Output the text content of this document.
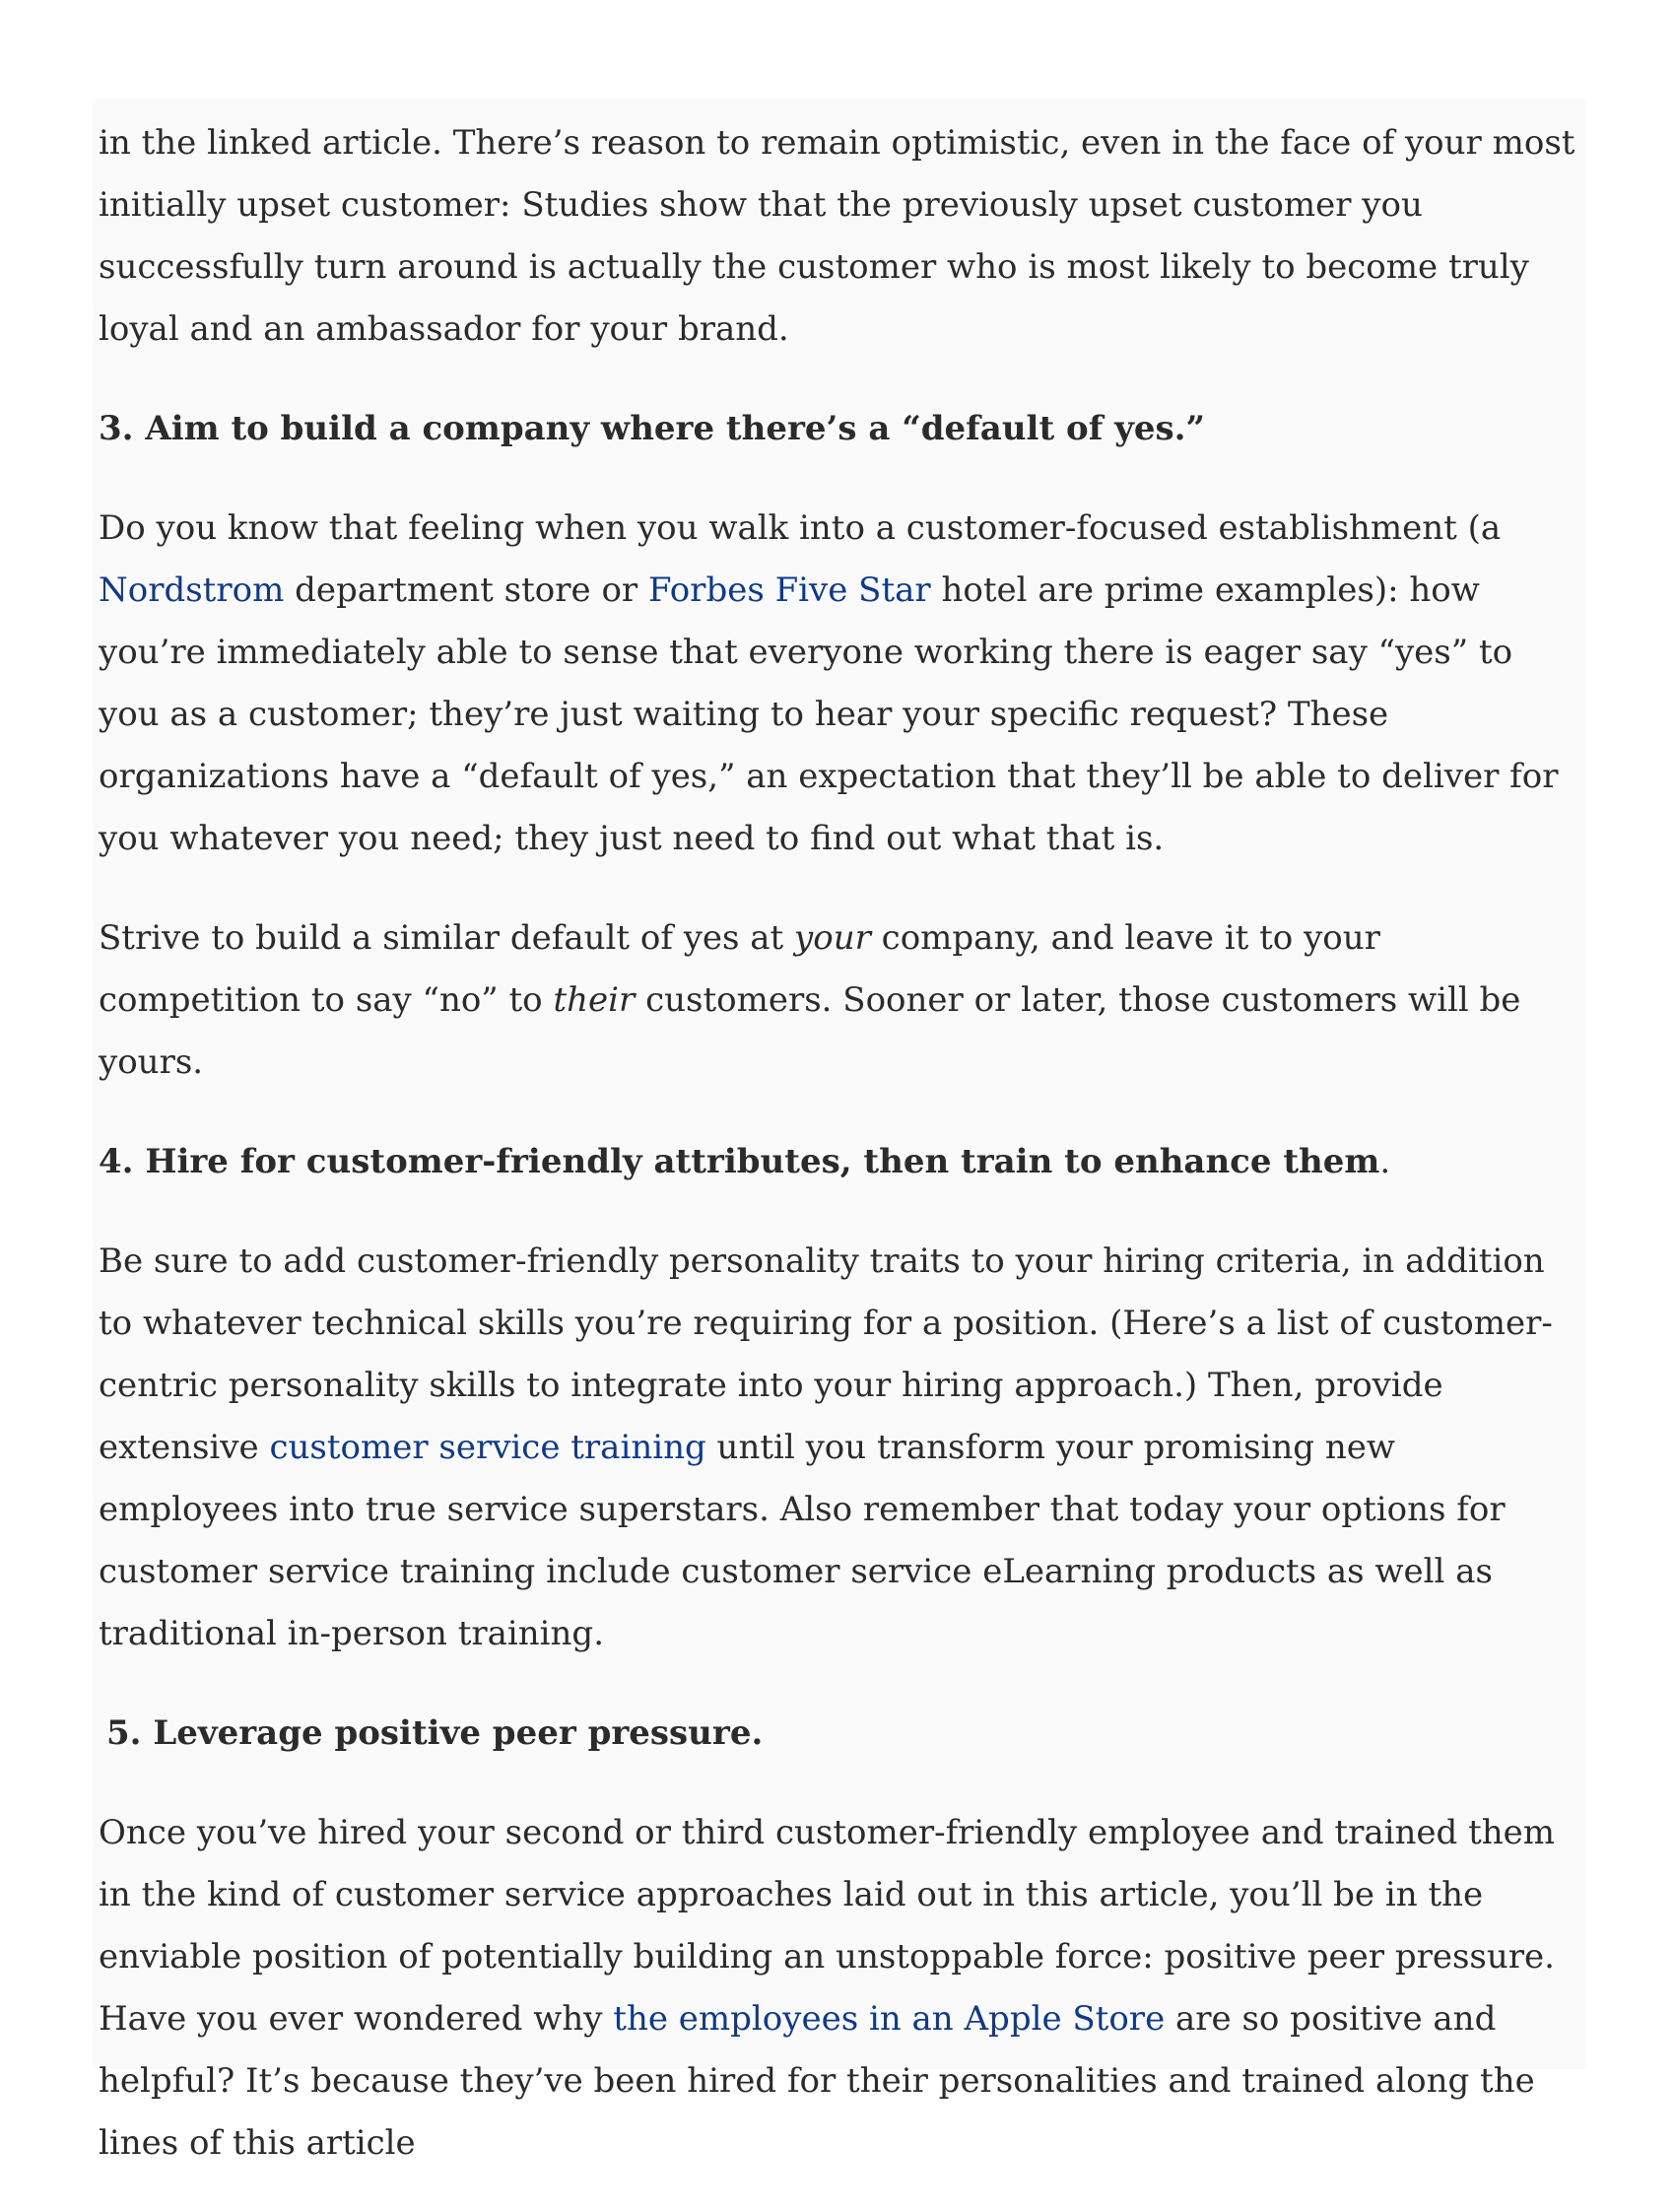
in the linked article. There’s reason to remain optimistic, even in the face of your most initially upset customer: Studies show that the previously upset customer you successfully turn around is actually the customer who is most likely to become truly loyal and an ambassador for your brand.

3. Aim to build a company where there’s a “default of yes.”

Do you know that feeling when you walk into a customer-focused establishment (a Nordstrom department store or Forbes Five Star hotel are prime examples): how you’re immediately able to sense that everyone working there is eager say “yes” to you as a customer; they’re just waiting to hear your specific request? These organizations have a “default of yes,” an expectation that they’ll be able to deliver for you whatever you need; they just need to find out what that is.

Strive to build a similar default of yes at your company, and leave it to your competition to say “no” to their customers. Sooner or later, those customers will be yours.

4. Hire for customer-friendly attributes, then train to enhance them.

Be sure to add customer-friendly personality traits to your hiring criteria, in addition to whatever technical skills you’re requiring for a position. (Here’s a list of customer-centric personality skills to integrate into your hiring approach.) Then, provide extensive customer service training until you transform your promising new employees into true service superstars. Also remember that today your options for customer service training include customer service eLearning products as well as traditional in-person training.

5. Leverage positive peer pressure.

Once you’ve hired your second or third customer-friendly employee and trained them in the kind of customer service approaches laid out in this article, you’ll be in the enviable position of potentially building an unstoppable force: positive peer pressure. Have you ever wondered why the employees in an Apple Store are so positive and helpful? It’s because they’ve been hired for their personalities and trained along the lines of this article
